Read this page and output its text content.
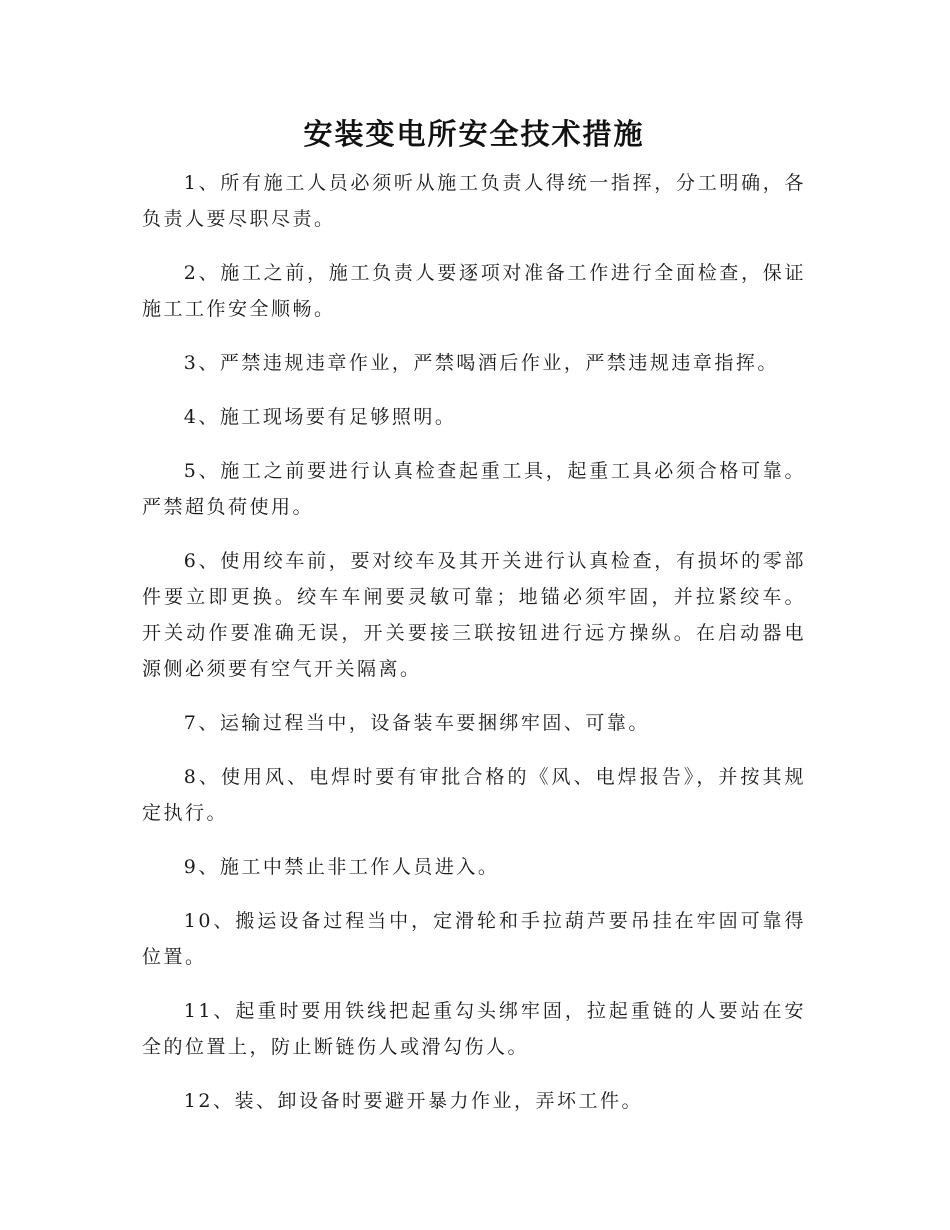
安装变电所安全技术措施

1、所有施工人员必须听从施工负责人得统一指挥，分工明确，各负责人要尽职尽责。

2、施工之前，施工负责人要逐项对准备工作进行全面检查，保证施工工作安全顺畅。

3、严禁违规违章作业，严禁喝酒后作业，严禁违规违章指挥。

4、施工现场要有足够照明。

5、施工之前要进行认真检查起重工具，起重工具必须合格可靠。严禁超负荷使用。

6、使用绞车前，要对绞车及其开关进行认真检查，有损坏的零部件要立即更换。绞车车闸要灵敏可靠；地锚必须牢固，并拉紧绞车。开关动作要准确无误，开关要接三联按钮进行远方操纵。在启动器电源侧必须要有空气开关隔离。

7、运输过程当中，设备装车要捆绑牢固、可靠。

8、使用风、电焊时要有审批合格的《风、电焊报告》，并按其规定执行。

9、施工中禁止非工作人员进入。

10、搬运设备过程当中，定滑轮和手拉葫芦要吊挂在牢固可靠得位置。

11、起重时要用铁线把起重勾头绑牢固，拉起重链的人要站在安全的位置上，防止断链伤人或滑勾伤人。

12、装、卸设备时要避开暴力作业，弄坏工件。
